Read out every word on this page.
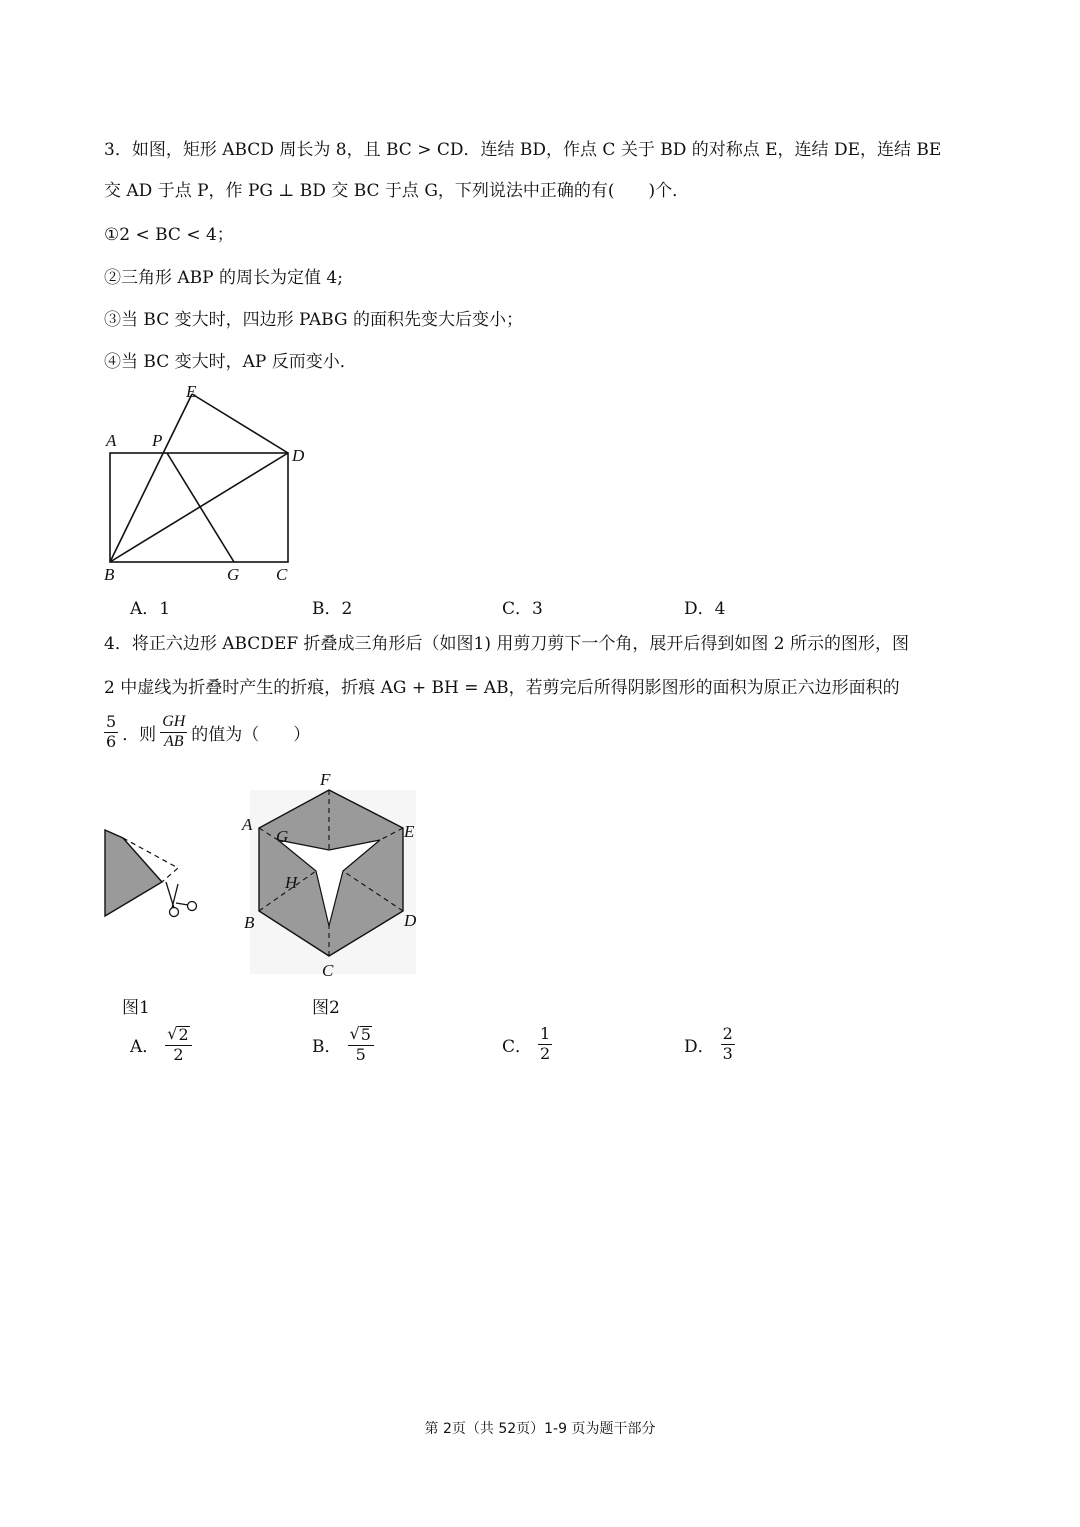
3．如图，矩形 ABCD 周长为 8，且 BC > CD．连结 BD，作点 C 关于 BD 的对称点 E，连结 DE，连结 BE
交 AD 于点 P，作 PG ⊥ BD 交 BC 于点 G，下列说法中正确的有(　　)个．
①2 < BC < 4；
②三角形 ABP 的周长为定值 4;
③当 BC 变大时，四边形 PABG 的面积先变大后变小；
④当 BC 变大时，AP 反而变小．
A P
E
D
B	G C
A．1	B．2	C．3	D．4
4．将正六边形 ABCDEF 折叠成三角形后（如图1) 用剪刀剪下一个角，展开后得到如图 2 所示的图形，图
2 中虚线为折叠时产生的折痕，折痕 AG + BH = AB，若剪完后所得阴影图形的面积为原正六边形面积的
$\frac{5}{6}$ ．则 $\frac{GH}{AB}$ 的值为（　　）
F
A
G	E
H
B	D
C
图1	图2
A． $\frac{√ 2}{2}$	B． $\frac{√ 5}{5}$	C． $\frac{1}{2}$	D． $\frac{2}{3}$
第 2页（共 52页）1-9 页为题干部分
